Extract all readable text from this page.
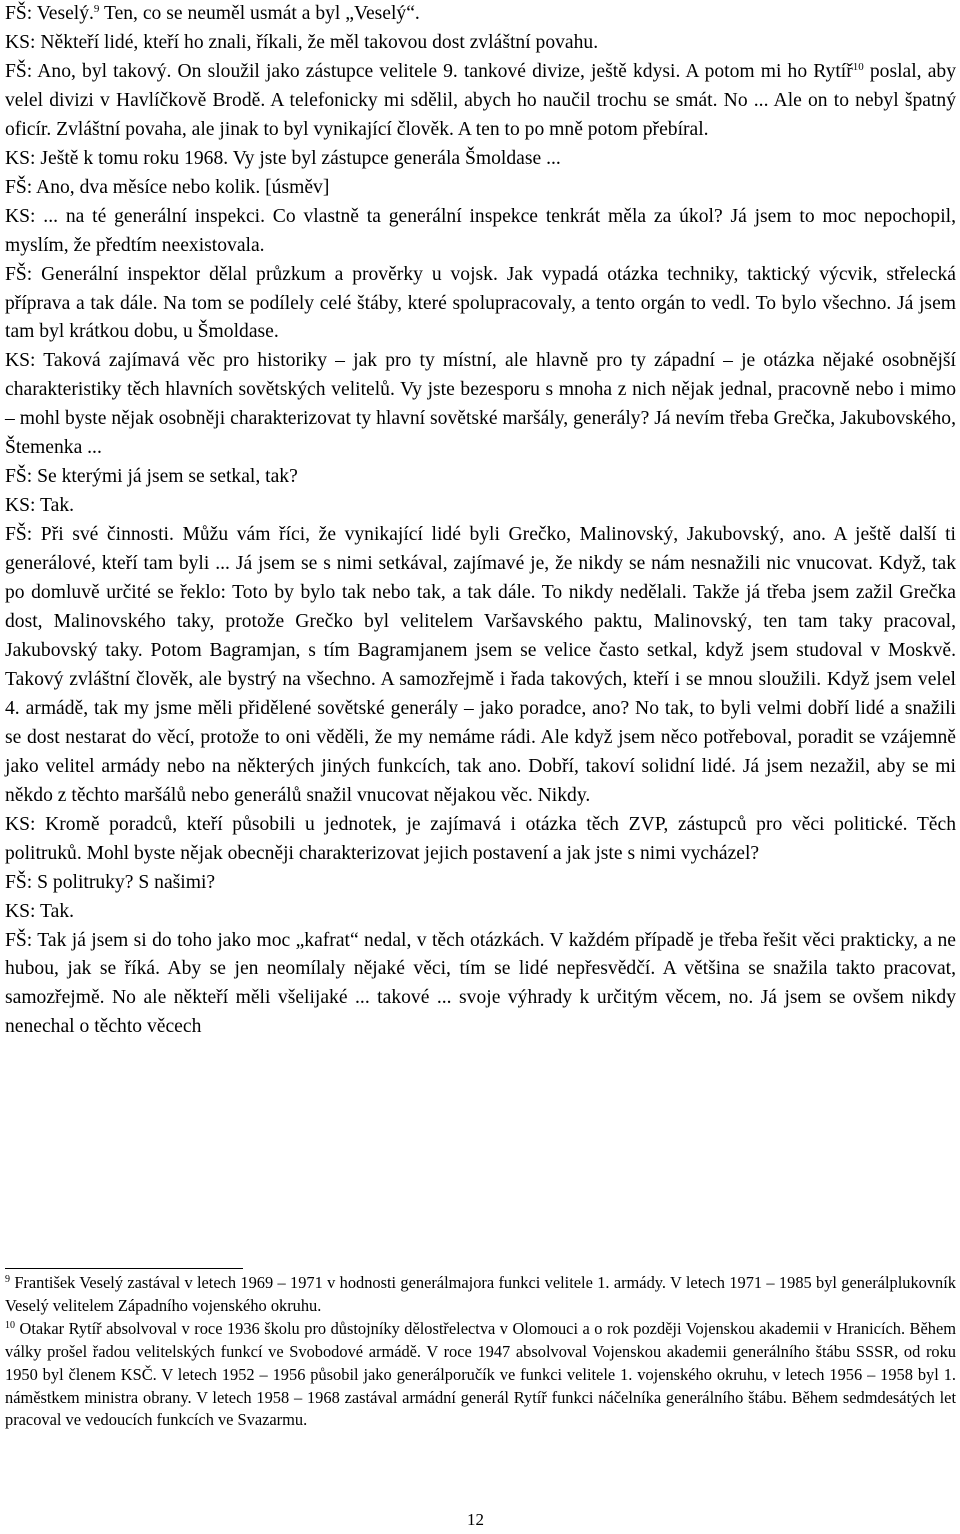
FŠ: Veselý.$^9$ Ten, co se neuměl usmát a byl „Veselý“.

KS: Někteří lidé, kteří ho znali, říkali, že měl takovou dost zvláštní povahu.

FŠ: Ano, byl takový. On sloužil jako zástupce velitele 9. tankové divize, ještě kdysi. A potom mi ho Rytíř$^{10}$ poslal, aby velel divizi v Havlíčkově Brodě. A telefonicky mi sdělil, abych ho naučil trochu se smát. No ... Ale on to nebyl špatný oficír. Zvláštní povaha, ale jinak to byl vynikající člověk. A ten to po mně potom přebíral.

KS: Ještě k tomu roku 1968. Vy jste byl zástupce generála Šmoldase ...

FŠ: Ano, dva měsíce nebo kolik. [úsměv]

KS: ... na té generální inspekci. Co vlastně ta generální inspekce tenkrát měla za úkol? Já jsem to moc nepochopil, myslím, že předtím neexistovala.

FŠ: Generální inspektor dělal průzkum a prověrky u vojsk. Jak vypadá otázka techniky, taktický výcvik, střelecká příprava a tak dále. Na tom se podílely celé štáby, které spolupracovaly, a tento orgán to vedl. To bylo všechno. Já jsem tam byl krátkou dobu, u Šmoldase.

KS: Taková zajímavá věc pro historiky – jak pro ty místní, ale hlavně pro ty západní – je otázka nějaké osobnější charakteristiky těch hlavních sovětských velitelů. Vy jste bezesporu s mnoha z nich nějak jednal, pracovně nebo i mimo – mohl byste nějak osobněji charakterizovat ty hlavní sovětské maršály, generály? Já nevím třeba Grečka, Jakubovského, Štemenka ...

FŠ: Se kterými já jsem se setkal, tak?

KS: Tak.

FŠ: Při své činnosti. Můžu vám říci, že vynikající lidé byli Grečko, Malinovský, Jakubovský, ano. A ještě další ti generálové, kteří tam byli ... Já jsem se s nimi setkával, zajímavé je, že nikdy se nám nesnažili nic vnucovat. Když, tak po domluvě určité se řeklo: Toto by bylo tak nebo tak, a tak dále. To nikdy nedělali. Takže já třeba jsem zažil Grečka dost, Malinovského taky, protože Grečko byl velitelem Varšavského paktu, Malinovský, ten tam taky pracoval, Jakubovský taky. Potom Bagramjan, s tím Bagramjanem jsem se velice často setkal, když jsem studoval v Moskvě. Takový zvláštní člověk, ale bystrý na všechno. A samozřejmě i řada takových, kteří i se mnou sloužili. Když jsem velel 4. armádě, tak my jsme měli přidělené sovětské generály – jako poradce, ano? No tak, to byli velmi dobří lidé a snažili se dost nestarat do věcí, protože to oni věděli, že my nemáme rádi. Ale když jsem něco potřeboval, poradit se vzájemně jako velitel armády nebo na některých jiných funkcích, tak ano. Dobří, takoví solidní lidé. Já jsem nezažil, aby se mi někdo z těchto maršálů nebo generálů snažil vnucovat nějakou věc. Nikdy.

KS: Kromě poradců, kteří působili u jednotek, je zajímavá i otázka těch ZVP, zástupců pro věci politické. Těch politruků. Mohl byste nějak obecněji charakterizovat jejich postavení a jak jste s nimi vycházel?

FŠ: S politruky? S našimi?

KS: Tak.

FŠ: Tak já jsem si do toho jako moc „kafrat“ nedal, v těch otázkách. V každém případě je třeba řešit věci prakticky, a ne hubou, jak se říká. Aby se jen neomílaly nějaké věci, tím se lidé nepřesvědčí. A většina se snažila takto pracovat, samozřejmě. No ale někteří měli všelijaké ... takové ... svoje výhrady k určitým věcem, no. Já jsem se ovšem nikdy nenechal o těchto věcech

$^9$ František Veselý zastával v letech 1969 – 1971 v hodnosti generálmajora funkci velitele 1. armády. V letech 1971 – 1985 byl generálplukovník Veselý velitelem Západního vojenského okruhu.

$^{10}$ Otakar Rytíř absolvoval v roce 1936 školu pro důstojníky dělostřelectva v Olomouci a o rok později Vojenskou akademii v Hranicích. Během války prošel řadou velitelských funkcí ve Svobodové armádě. V roce 1947 absolvoval Vojenskou akademii generálního štábu SSSR, od roku 1950 byl členem KSČ. V letech 1952 – 1956 působil jako generálporučík ve funkci velitele 1. vojenského okruhu, v letech 1956 – 1958 byl 1. náměstkem ministra obrany. V letech 1958 – 1968 zastával armádní generál Rytíř funkci náčelníka generálního štábu. Během sedmdesátých let pracoval ve vedoucích funkcích ve Svazarmu.

12
